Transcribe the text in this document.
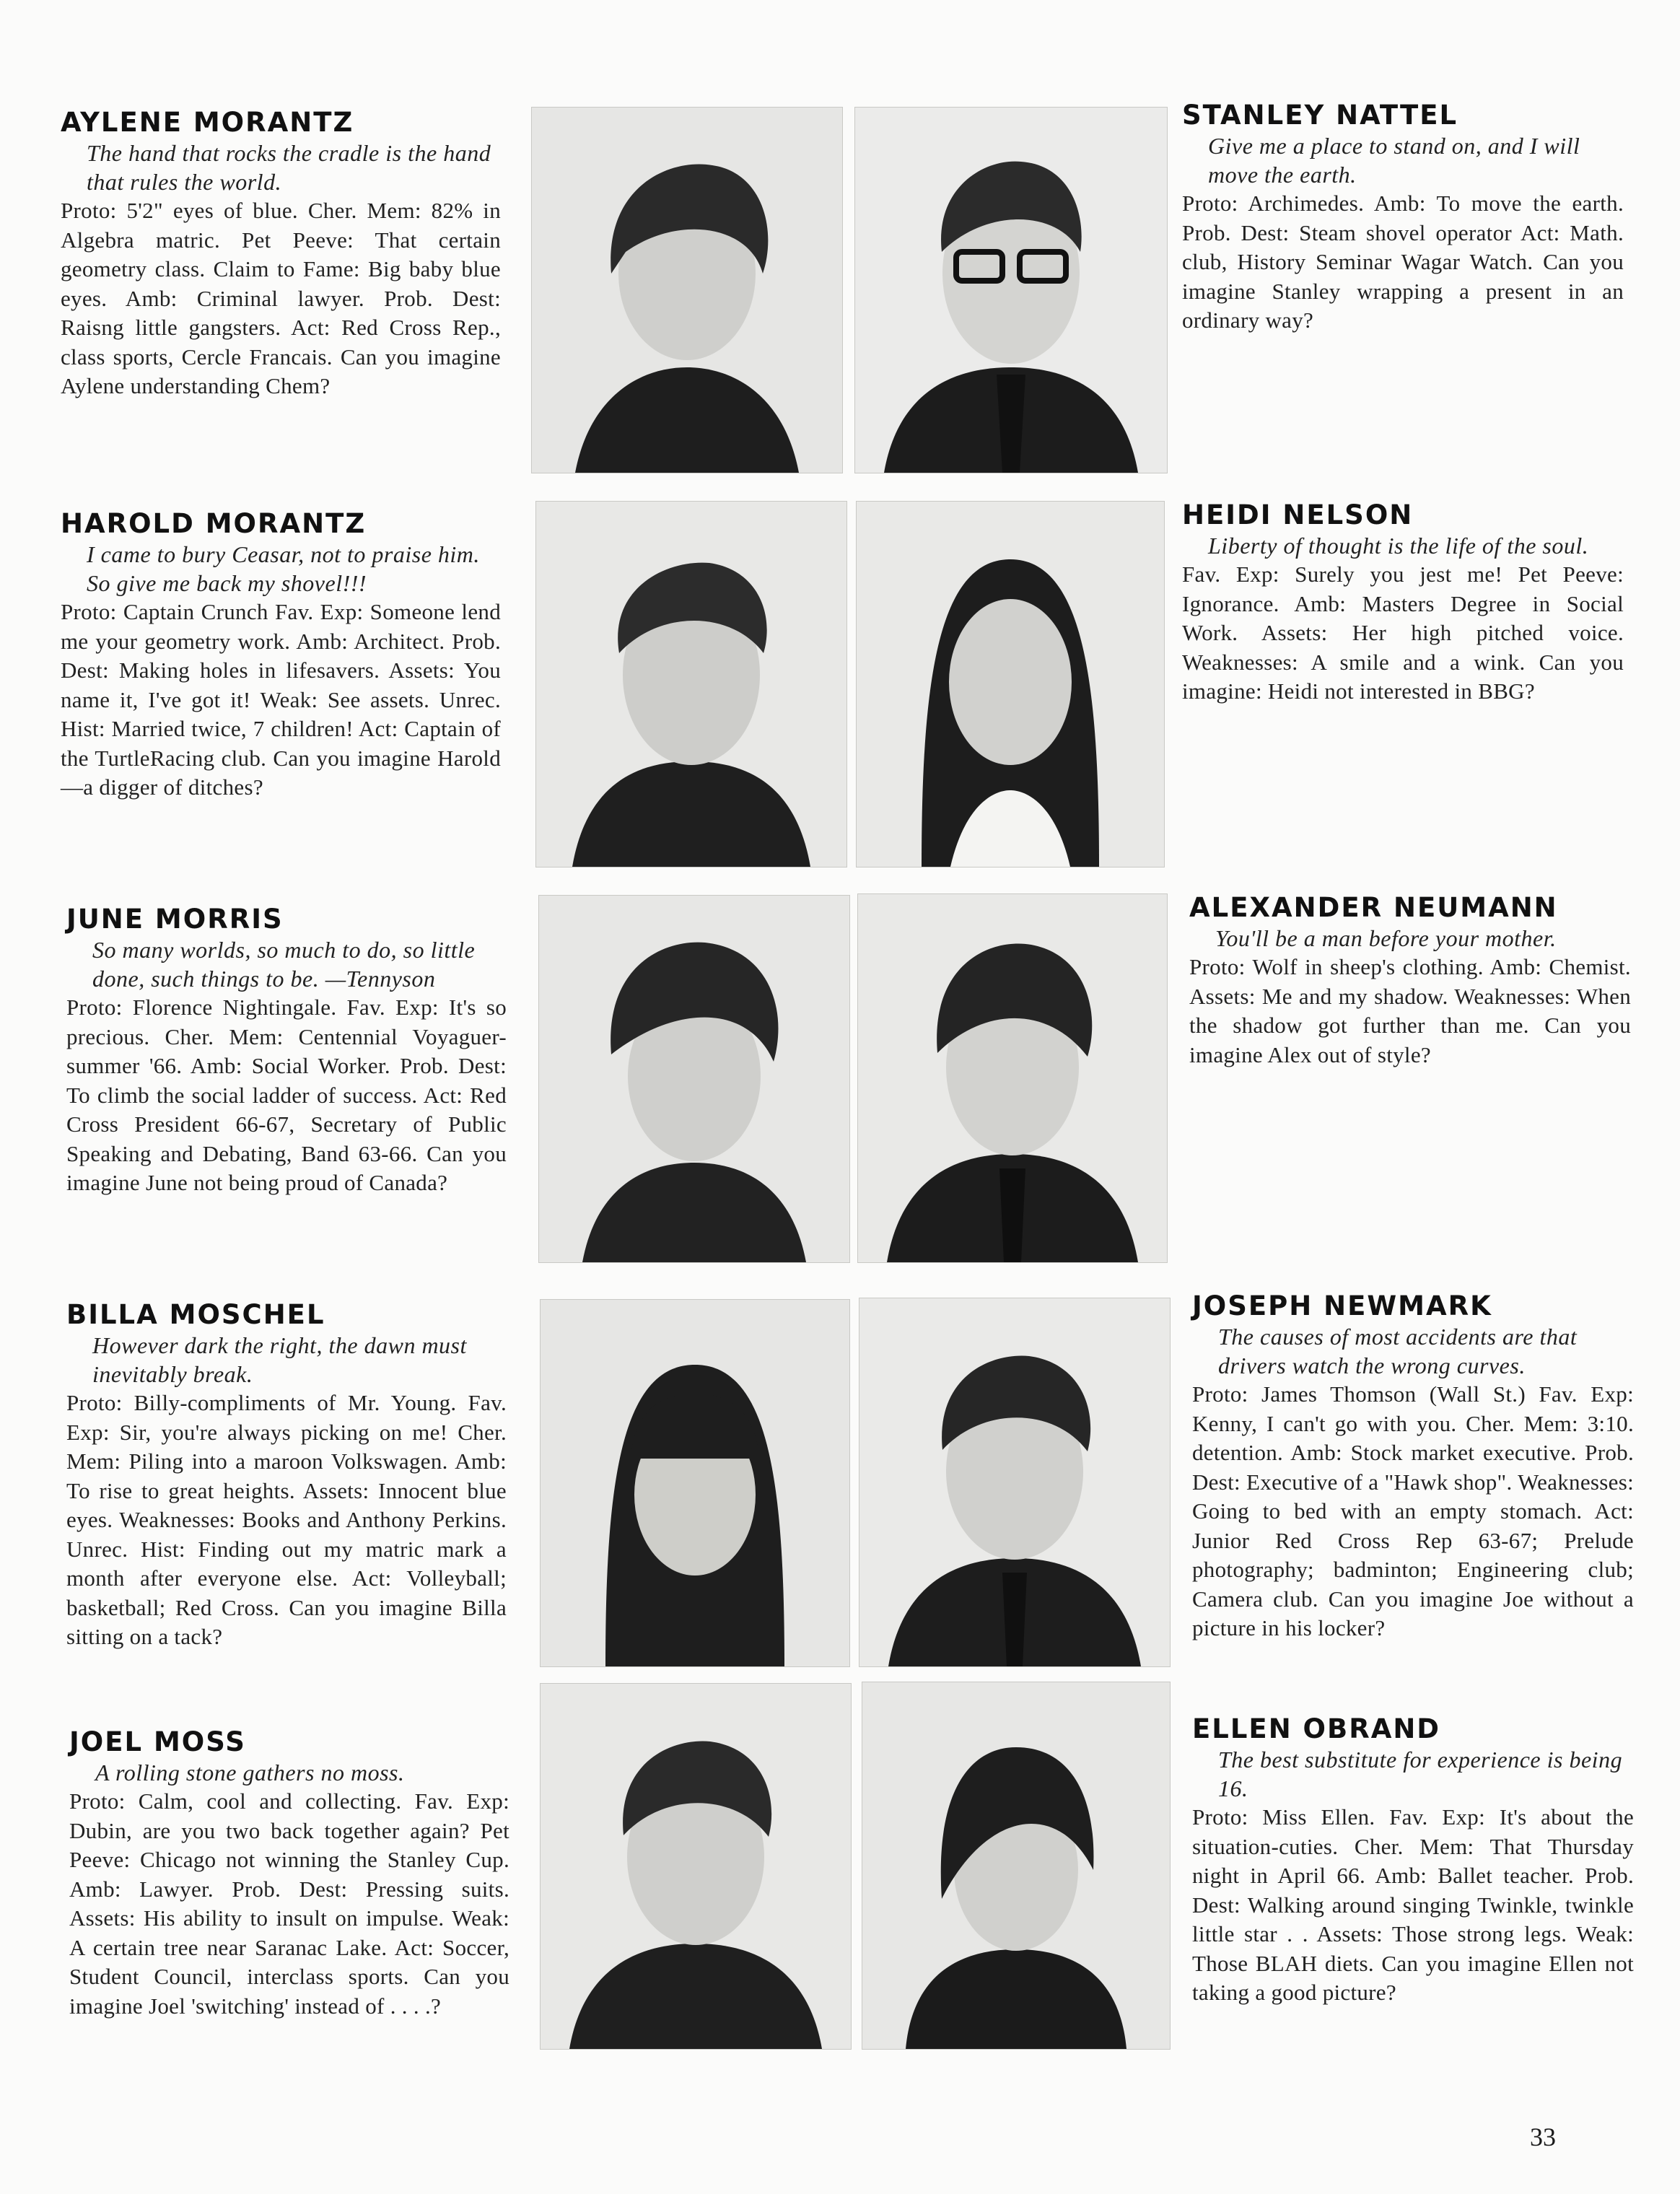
AYLENE MORANTZ
The hand that rocks the cradle is the hand that rules the world.
Proto: 5'2" eyes of blue. Cher. Mem: 82% in Algebra matric. Pet Peeve: That certain geometry class. Claim to Fame: Big baby blue eyes. Amb: Criminal lawyer. Prob. Dest: Raisng little gangsters. Act: Red Cross Rep., class sports, Cercle Francais. Can you imagine Aylene understanding Chem?
HAROLD MORANTZ
I came to bury Ceasar, not to praise him. So give me back my shovel!!!
Proto: Captain Crunch Fav. Exp: Someone lend me your geometry work. Amb: Architect. Prob. Dest: Making holes in lifesavers. Assets: You name it, I've got it! Weak: See assets. Unrec. Hist: Married twice, 7 children! Act: Captain of the TurtleRacing club. Can you imagine Harold—a digger of ditches?
JUNE MORRIS
So many worlds, so much to do, so little done, such things to be. —Tennyson
Proto: Florence Nightingale. Fav. Exp: It's so precious. Cher. Mem: Centennial Voyaguer-summer '66. Amb: Social Worker. Prob. Dest: To climb the social ladder of success. Act: Red Cross President 66-67, Secretary of Public Speaking and Debating, Band 63-66. Can you imagine June not being proud of Canada?
BILLA MOSCHEL
However dark the right, the dawn must inevitably break.
Proto: Billy-compliments of Mr. Young. Fav. Exp: Sir, you're always picking on me! Cher. Mem: Piling into a maroon Volkswagen. Amb: To rise to great heights. Assets: Innocent blue eyes. Weaknesses: Books and Anthony Perkins. Unrec. Hist: Finding out my matric mark a month after everyone else. Act: Volleyball; basketball; Red Cross. Can you imagine Billa sitting on a tack?
JOEL MOSS
A rolling stone gathers no moss.
Proto: Calm, cool and collecting. Fav. Exp: Dubin, are you two back together again? Pet Peeve: Chicago not winning the Stanley Cup. Amb: Lawyer. Prob. Dest: Pressing suits. Assets: His ability to insult on impulse. Weak: A certain tree near Saranac Lake. Act: Soccer, Student Council, interclass sports. Can you imagine Joel 'switching' instead of . . . .?
STANLEY NATTEL
Give me a place to stand on, and I will move the earth.
Proto: Archimedes. Amb: To move the earth. Prob. Dest: Steam shovel operator Act: Math. club, History Seminar Wagar Watch. Can you imagine Stanley wrapping a present in an ordinary way?
HEIDI NELSON
Liberty of thought is the life of the soul.
Fav. Exp: Surely you jest me! Pet Peeve: Ignorance. Amb: Masters Degree in Social Work. Assets: Her high pitched voice. Weaknesses: A smile and a wink. Can you imagine: Heidi not interested in BBG?
ALEXANDER NEUMANN
You'll be a man before your mother.
Proto: Wolf in sheep's clothing. Amb: Chemist. Assets: Me and my shadow. Weaknesses: When the shadow got further than me. Can you imagine Alex out of style?
JOSEPH NEWMARK
The causes of most accidents are that drivers watch the wrong curves.
Proto: James Thomson (Wall St.) Fav. Exp: Kenny, I can't go with you. Cher. Mem: 3:10. detention. Amb: Stock market executive. Prob. Dest: Executive of a "Hawk shop". Weaknesses: Going to bed with an empty stomach. Act: Junior Red Cross Rep 63-67; Prelude photography; badminton; Engineering club; Camera club. Can you imagine Joe without a picture in his locker?
ELLEN OBRAND
The best substitute for experience is being 16.
Proto: Miss Ellen. Fav. Exp: It's about the situation-cuties. Cher. Mem: That Thursday night in April 66. Amb: Ballet teacher. Prob. Dest: Walking around singing Twinkle, twinkle little star . . Assets: Those strong legs. Weak: Those BLAH diets. Can you imagine Ellen not taking a good picture?
33
